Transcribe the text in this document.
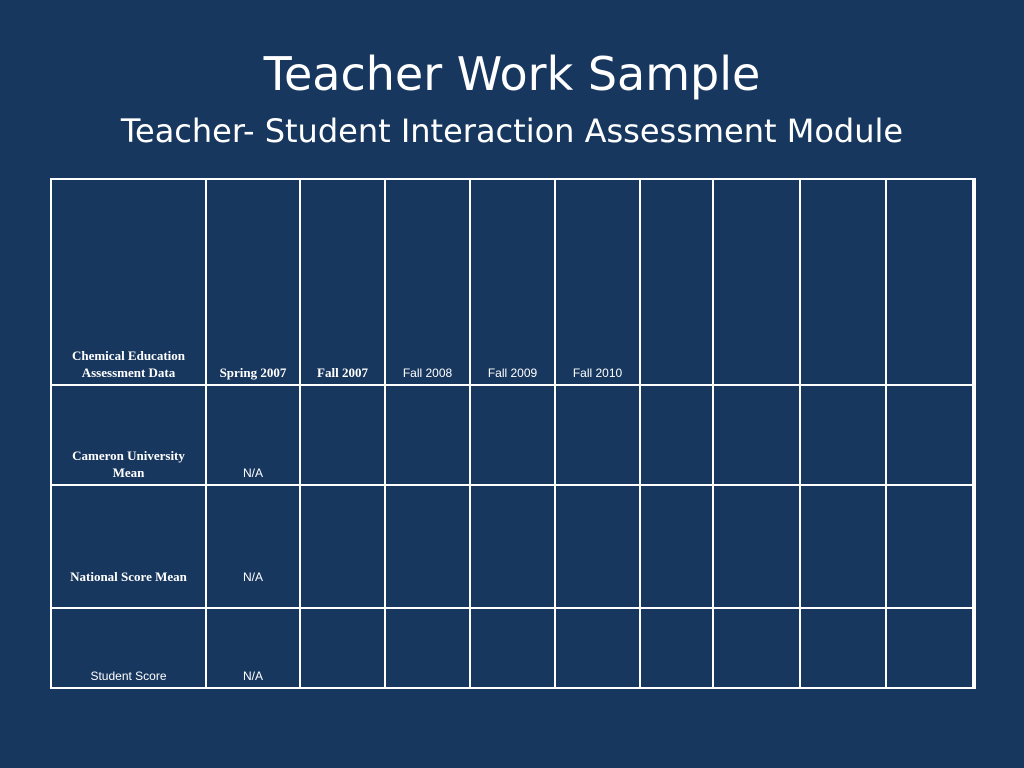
Teacher Work Sample
Teacher- Student Interaction Assessment Module
Chemical Education Assessment Data	Spring 2007	Fall 2007	Fall 2008	Fall 2009	Fall 2010					
Cameron University Mean	N/A									
National Score Mean	N/A									
Student Score	N/A									
